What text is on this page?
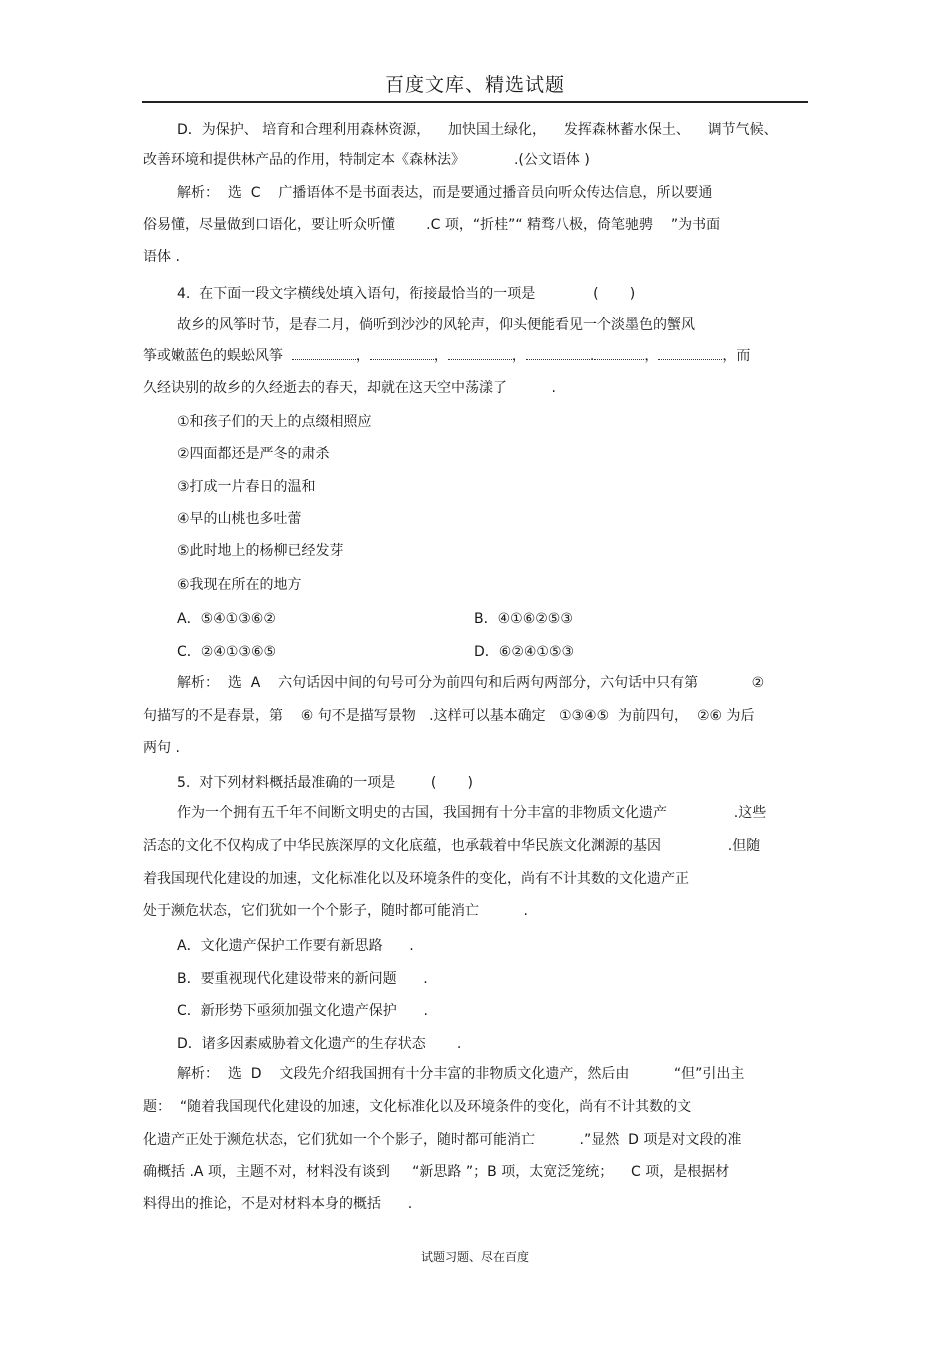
百度文库、精选试题
D．为保护、 培育和合理利用森林资源，    加快国土绿化，    发挥森林蓄水保土、    调节气候、
改善环境和提供林产品的作用，特制定本《森林法》           .(公文语体 )
解析：  选  C    广播语体不是书面表达，而是要通过播音员向听众传达信息，所以要通
俗易懂，尽量做到口语化，要让听众听懂       .C 项，“折桂”“ 精骛八极，倚笔驰骋    ”为书面
语体 .
4.  在下面一段文字横线处填入语句，衔接最恰当的一项是             (       )
故乡的风筝时节，是春二月，倘听到沙沙的风轮声，仰头便能看见一个淡墨色的蟹风
筝或嫩蓝色的蜈蚣风筝	，	，	，	.	，	，而
久经诀别的故乡的久经逝去的春天，却就在这天空中荡漾了          .
①和孩子们的天上的点缀相照应
②四面都还是严冬的肃杀
③打成一片春日的温和
④早的山桃也多吐蕾
⑤此时地上的杨柳已经发芽
⑥我现在所在的地方
A．⑤④①③⑥②	B．④①⑥②⑤③
C．②④①③⑥⑤	D．⑥②④①⑤③
解析：  选  A    六句话因中间的句号可分为前四句和后两句两部分，六句话中只有第            ②
句描写的不是春景，第    ⑥ 句不是描写景物   .这样可以基本确定   ①③④⑤  为前四句，  ②⑥ 为后
两句 .
5.  对下列材料概括最准确的一项是        (       )
作为一个拥有五千年不间断文明史的古国，我国拥有十分丰富的非物质文化遗产               .这些
活态的文化不仅构成了中华民族深厚的文化底蕴，也承载着中华民族文化渊源的基因               .但随
着我国现代化建设的加速，文化标准化以及环境条件的变化，尚有不计其数的文化遗产正
处于濒危状态，它们犹如一个个影子，随时都可能消亡          .
A．文化遗产保护工作要有新思路      .
B．要重视现代化建设带来的新问题      .
C．新形势下亟须加强文化遗产保护      .
D．诸多因素威胁着文化遗产的生存状态       .
解析：  选  D    文段先介绍我国拥有十分丰富的非物质文化遗产，然后由          “但”引出主
题：  “随着我国现代化建设的加速，文化标准化以及环境条件的变化，尚有不计其数的文
化遗产正处于濒危状态，它们犹如一个个影子，随时都可能消亡          .”显然  D 项是对文段的准
确概括 .A 项，主题不对，材料没有谈到     “新思路 ”；B 项，太宽泛笼统；    C 项，是根据材
料得出的推论，不是对材料本身的概括      .
试题习题、尽在百度
